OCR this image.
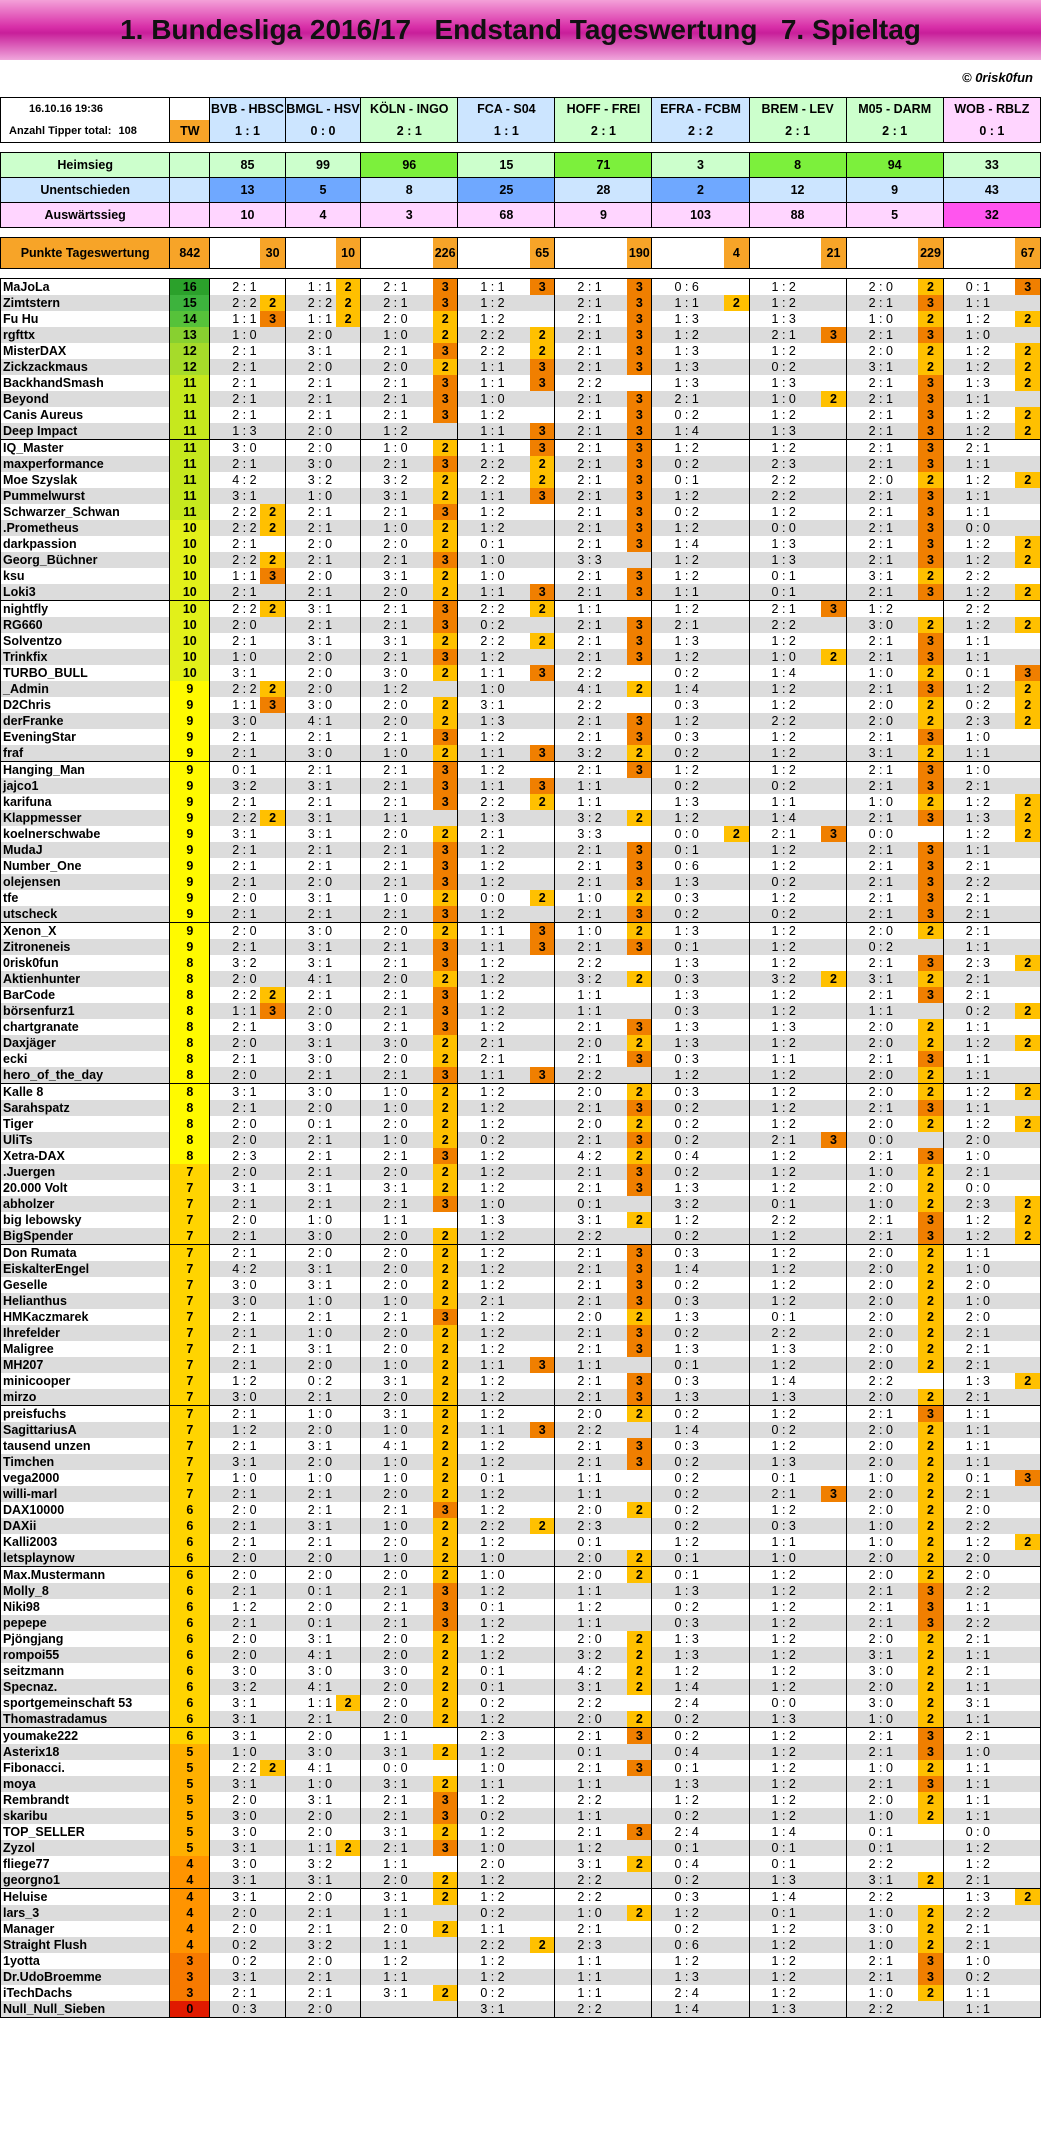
1. Bundesliga 2016/17   Endstand Tageswertung   7. Spieltag
© 0risk0fun
16.10.16 19:36		BVB - HBSC		BMGL - HSV		KÖLN - INGO		FCA - S04		HOFF - FREI		EFRA - FCBM		BREM - LEV		M05 - DARM		WOB - RBLZ	
Anzahl Tipper total: 108	TW	1 : 1		0 : 0		2 : 1		1 : 1		2 : 1		2 : 2		2 : 1		2 : 1		0 : 1	

Heimsieg		85		99		96		15		71		3		8		94		33	
Unentschieden		13		5		8		25		28		2		12		9		43	
Auswärtssieg		10		4		3		68		9		103		88		5		32	

Punkte Tageswertung	842		30		10		226		65		190		4		21		229		67

MaJoLa	16	2 : 1		1 : 1	2	2 : 1	3	1 : 1	3	2 : 1	3	0 : 6		1 : 2		2 : 0	2	0 : 1	3
Zimtstern	15	2 : 2	2	2 : 2	2	2 : 1	3	1 : 2		2 : 1	3	1 : 1	2	1 : 2		2 : 1	3	1 : 1	
Fu Hu	14	1 : 1	3	1 : 1	2	2 : 0	2	1 : 2		2 : 1	3	1 : 3		1 : 3		1 : 0	2	1 : 2	2
rgfttx	13	1 : 0		2 : 0		1 : 0	2	2 : 2	2	2 : 1	3	1 : 2		2 : 1	3	2 : 1	3	1 : 0	
MisterDAX	12	2 : 1		3 : 1		2 : 1	3	2 : 2	2	2 : 1	3	1 : 3		1 : 2		2 : 0	2	1 : 2	2
Zickzackmaus	12	2 : 1		2 : 0		2 : 0	2	1 : 1	3	2 : 1	3	1 : 3		0 : 2		3 : 1	2	1 : 2	2
BackhandSmash	11	2 : 1		2 : 1		2 : 1	3	1 : 1	3	2 : 2		1 : 3		1 : 3		2 : 1	3	1 : 3	2
Beyond	11	2 : 1		2 : 1		2 : 1	3	1 : 0		2 : 1	3	2 : 1		1 : 0	2	2 : 1	3	1 : 1	
Canis Aureus	11	2 : 1		2 : 1		2 : 1	3	1 : 2		2 : 1	3	0 : 2		1 : 2		2 : 1	3	1 : 2	2
Deep Impact	11	1 : 3		2 : 0		1 : 2		1 : 1	3	2 : 1	3	1 : 4		1 : 3		2 : 1	3	1 : 2	2
IQ_Master	11	3 : 0		2 : 0		1 : 0	2	1 : 1	3	2 : 1	3	1 : 2		1 : 2		2 : 1	3	2 : 1	
maxperformance	11	2 : 1		3 : 0		2 : 1	3	2 : 2	2	2 : 1	3	0 : 2		2 : 3		2 : 1	3	1 : 1	
Moe Szyslak	11	4 : 2		3 : 2		3 : 2	2	2 : 2	2	2 : 1	3	0 : 1		2 : 2		2 : 0	2	1 : 2	2
Pummelwurst	11	3 : 1		1 : 0		3 : 1	2	1 : 1	3	2 : 1	3	1 : 2		2 : 2		2 : 1	3	1 : 1	
Schwarzer_Schwan	11	2 : 2	2	2 : 1		2 : 1	3	1 : 2		2 : 1	3	0 : 2		1 : 2		2 : 1	3	1 : 1	
.Prometheus	10	2 : 2	2	2 : 1		1 : 0	2	1 : 2		2 : 1	3	1 : 2		0 : 0		2 : 1	3	0 : 0	
darkpassion	10	2 : 1		2 : 0		2 : 0	2	0 : 1		2 : 1	3	1 : 4		1 : 3		2 : 1	3	1 : 2	2
Georg_Büchner	10	2 : 2	2	2 : 1		2 : 1	3	1 : 0		3 : 3		1 : 2		1 : 3		2 : 1	3	1 : 2	2
ksu	10	1 : 1	3	2 : 0		3 : 1	2	1 : 0		2 : 1	3	1 : 2		0 : 1		3 : 1	2	2 : 2	
Loki3	10	2 : 1		2 : 1		2 : 0	2	1 : 1	3	2 : 1	3	1 : 1		0 : 1		2 : 1	3	1 : 2	2
nightfly	10	2 : 2	2	3 : 1		2 : 1	3	2 : 2	2	1 : 1		1 : 2		2 : 1	3	1 : 2		2 : 2	
RG660	10	2 : 0		2 : 1		2 : 1	3	0 : 2		2 : 1	3	2 : 1		2 : 2		3 : 0	2	1 : 2	2
Solventzo	10	2 : 1		3 : 1		3 : 1	2	2 : 2	2	2 : 1	3	1 : 3		1 : 2		2 : 1	3	1 : 1	
Trinkfix	10	1 : 0		2 : 0		2 : 1	3	1 : 2		2 : 1	3	1 : 2		1 : 0	2	2 : 1	3	1 : 1	
TURBO_BULL	10	3 : 1		2 : 0		3 : 0	2	1 : 1	3	2 : 2		0 : 2		1 : 4		1 : 0	2	0 : 1	3
_Admin	9	2 : 2	2	2 : 0		1 : 2		1 : 0		4 : 1	2	1 : 4		1 : 2		2 : 1	3	1 : 2	2
D2Chris	9	1 : 1	3	3 : 0		2 : 0	2	3 : 1		2 : 2		0 : 3		1 : 2		2 : 0	2	0 : 2	2
derFranke	9	3 : 0		4 : 1		2 : 0	2	1 : 3		2 : 1	3	1 : 2		2 : 2		2 : 0	2	2 : 3	2
EveningStar	9	2 : 1		2 : 1		2 : 1	3	1 : 2		2 : 1	3	0 : 3		1 : 2		2 : 1	3	1 : 0	
fraf	9	2 : 1		3 : 0		1 : 0	2	1 : 1	3	3 : 2	2	0 : 2		1 : 2		3 : 1	2	1 : 1	
Hanging_Man	9	0 : 1		2 : 1		2 : 1	3	1 : 2		2 : 1	3	1 : 2		1 : 2		2 : 1	3	1 : 0	
jajco1	9	3 : 2		3 : 1		2 : 1	3	1 : 1	3	1 : 1		0 : 2		0 : 2		2 : 1	3	2 : 1	
karifuna	9	2 : 1		2 : 1		2 : 1	3	2 : 2	2	1 : 1		1 : 3		1 : 1		1 : 0	2	1 : 2	2
Klappmesser	9	2 : 2	2	3 : 1		1 : 1		1 : 3		3 : 2	2	1 : 2		1 : 4		2 : 1	3	1 : 3	2
koelnerschwabe	9	3 : 1		3 : 1		2 : 0	2	2 : 1		3 : 3		0 : 0	2	2 : 1	3	0 : 0		1 : 2	2
MudaJ	9	2 : 1		2 : 1		2 : 1	3	1 : 2		2 : 1	3	0 : 1		1 : 2		2 : 1	3	1 : 1	
Number_One	9	2 : 1		2 : 1		2 : 1	3	1 : 2		2 : 1	3	0 : 6		1 : 2		2 : 1	3	2 : 1	
olejensen	9	2 : 1		2 : 0		2 : 1	3	1 : 2		2 : 1	3	1 : 3		0 : 2		2 : 1	3	2 : 2	
tfe	9	2 : 0		3 : 1		1 : 0	2	0 : 0	2	1 : 0	2	0 : 3		1 : 2		2 : 1	3	2 : 1	
utscheck	9	2 : 1		2 : 1		2 : 1	3	1 : 2		2 : 1	3	0 : 2		0 : 2		2 : 1	3	2 : 1	
Xenon_X	9	2 : 0		3 : 0		2 : 0	2	1 : 1	3	1 : 0	2	1 : 3		1 : 2		2 : 0	2	2 : 1	
Zitroneneis	9	2 : 1		3 : 1		2 : 1	3	1 : 1	3	2 : 1	3	0 : 1		1 : 2		0 : 2		1 : 1	
0risk0fun	8	3 : 2		3 : 1		2 : 1	3	1 : 2		2 : 2		1 : 3		1 : 2		2 : 1	3	2 : 3	2
Aktienhunter	8	2 : 0		4 : 1		2 : 0	2	1 : 2		3 : 2	2	0 : 3		3 : 2	2	3 : 1	2	2 : 1	
BarCode	8	2 : 2	2	2 : 1		2 : 1	3	1 : 2		1 : 1		1 : 3		1 : 2		2 : 1	3	2 : 1	
börsenfurz1	8	1 : 1	3	2 : 0		2 : 1	3	1 : 2		1 : 1		0 : 3		1 : 2		1 : 1		0 : 2	2
chartgranate	8	2 : 1		3 : 0		2 : 1	3	1 : 2		2 : 1	3	1 : 3		1 : 3		2 : 0	2	1 : 1	
Daxjäger	8	2 : 0		3 : 1		3 : 0	2	2 : 1		2 : 0	2	1 : 3		1 : 2		2 : 0	2	1 : 2	2
ecki	8	2 : 1		3 : 0		2 : 0	2	2 : 1		2 : 1	3	0 : 3		1 : 1		2 : 1	3	1 : 1	
hero_of_the_day	8	2 : 0		2 : 1		2 : 1	3	1 : 1	3	2 : 2		1 : 2		1 : 2		2 : 0	2	1 : 1	
Kalle 8	8	3 : 1		3 : 0		1 : 0	2	1 : 2		2 : 0	2	0 : 3		1 : 2		2 : 0	2	1 : 2	2
Sarahspatz	8	2 : 1		2 : 0		1 : 0	2	1 : 2		2 : 1	3	0 : 2		1 : 2		2 : 1	3	1 : 1	
Tiger	8	2 : 0		0 : 1		2 : 0	2	1 : 2		2 : 0	2	0 : 2		1 : 2		2 : 0	2	1 : 2	2
UliTs	8	2 : 0		2 : 1		1 : 0	2	0 : 2		2 : 1	3	0 : 2		2 : 1	3	0 : 0		2 : 0	
Xetra-DAX	8	2 : 3		2 : 1		2 : 1	3	1 : 2		4 : 2	2	0 : 4		1 : 2		2 : 1	3	1 : 0	
.Juergen	7	2 : 0		2 : 1		2 : 0	2	1 : 2		2 : 1	3	0 : 2		1 : 2		1 : 0	2	2 : 1	
20.000 Volt	7	3 : 1		3 : 1		3 : 1	2	1 : 2		2 : 1	3	1 : 3		1 : 2		2 : 0	2	0 : 0	
abholzer	7	2 : 1		2 : 1		2 : 1	3	1 : 0		0 : 1		3 : 2		0 : 1		1 : 0	2	2 : 3	2
big lebowsky	7	2 : 0		1 : 0		1 : 1		1 : 3		3 : 1	2	1 : 2		2 : 2		2 : 1	3	1 : 2	2
BigSpender	7	2 : 1		3 : 0		2 : 0	2	1 : 2		2 : 2		0 : 2		1 : 2		2 : 1	3	1 : 2	2
Don Rumata	7	2 : 1		2 : 0		2 : 0	2	1 : 2		2 : 1	3	0 : 3		1 : 2		2 : 0	2	1 : 1	
EiskalterEngel	7	4 : 2		3 : 1		2 : 0	2	1 : 2		2 : 1	3	1 : 4		1 : 2		2 : 0	2	1 : 0	
Geselle	7	3 : 0		3 : 1		2 : 0	2	1 : 2		2 : 1	3	0 : 2		1 : 2		2 : 0	2	2 : 0	
Helianthus	7	3 : 0		1 : 0		1 : 0	2	2 : 1		2 : 1	3	0 : 3		1 : 2		2 : 0	2	1 : 0	
HMKaczmarek	7	2 : 1		2 : 1		2 : 1	3	1 : 2		2 : 0	2	1 : 3		0 : 1		2 : 0	2	2 : 0	
Ihrefelder	7	2 : 1		1 : 0		2 : 0	2	1 : 2		2 : 1	3	0 : 2		2 : 2		2 : 0	2	2 : 1	
Maligree	7	2 : 1		3 : 1		2 : 0	2	1 : 2		2 : 1	3	1 : 3		1 : 3		2 : 0	2	2 : 1	
MH207	7	2 : 1		2 : 0		1 : 0	2	1 : 1	3	1 : 1		0 : 1		1 : 2		2 : 0	2	2 : 1	
minicooper	7	1 : 2		0 : 2		3 : 1	2	1 : 2		2 : 1	3	0 : 3		1 : 4		2 : 2		1 : 3	2
mirzo	7	3 : 0		2 : 1		2 : 0	2	1 : 2		2 : 1	3	1 : 3		1 : 3		2 : 0	2	2 : 1	
preisfuchs	7	2 : 1		1 : 0		3 : 1	2	1 : 2		2 : 0	2	0 : 2		1 : 2		2 : 1	3	1 : 1	
SagittariusA	7	1 : 2		2 : 0		1 : 0	2	1 : 1	3	2 : 2		1 : 4		0 : 2		2 : 0	2	1 : 1	
tausend unzen	7	2 : 1		3 : 1		4 : 1	2	1 : 2		2 : 1	3	0 : 3		1 : 2		2 : 0	2	1 : 1	
Timchen	7	3 : 1		2 : 0		1 : 0	2	1 : 2		2 : 1	3	0 : 2		1 : 3		2 : 0	2	1 : 1	
vega2000	7	1 : 0		1 : 0		1 : 0	2	0 : 1		1 : 1		0 : 2		0 : 1		1 : 0	2	0 : 1	3
willi-marl	7	2 : 1		2 : 1		2 : 0	2	1 : 2		1 : 1		0 : 2		2 : 1	3	2 : 0	2	2 : 1	
DAX10000	6	2 : 0		2 : 1		2 : 1	3	1 : 2		2 : 0	2	0 : 2		1 : 2		2 : 0	2	2 : 0	
DAXii	6	2 : 1		3 : 1		1 : 0	2	2 : 2	2	2 : 3		0 : 2		0 : 3		1 : 0	2	2 : 2	
Kalli2003	6	2 : 1		2 : 1		2 : 0	2	1 : 2		0 : 1		1 : 2		1 : 1		1 : 0	2	1 : 2	2
letsplaynow	6	2 : 0		2 : 0		1 : 0	2	1 : 0		2 : 0	2	0 : 1		1 : 0		2 : 0	2	2 : 0	
Max.Mustermann	6	2 : 0		2 : 0		2 : 0	2	1 : 0		2 : 0	2	0 : 1		1 : 2		2 : 0	2	2 : 0	
Molly_8	6	2 : 1		0 : 1		2 : 1	3	1 : 2		1 : 1		1 : 3		1 : 2		2 : 1	3	2 : 2	
Niki98	6	1 : 2		2 : 0		2 : 1	3	0 : 1		1 : 2		0 : 2		1 : 2		2 : 1	3	1 : 1	
pepepe	6	2 : 1		0 : 1		2 : 1	3	1 : 2		1 : 1		0 : 3		1 : 2		2 : 1	3	2 : 2	
Pjöngjang	6	2 : 0		3 : 1		2 : 0	2	1 : 2		2 : 0	2	1 : 3		1 : 2		2 : 0	2	2 : 1	
rompoi55	6	2 : 0		4 : 1		2 : 0	2	1 : 2		3 : 2	2	1 : 3		1 : 2		3 : 1	2	1 : 1	
seitzmann	6	3 : 0		3 : 0		3 : 0	2	0 : 1		4 : 2	2	1 : 2		1 : 2		3 : 0	2	2 : 1	
Specnaz.	6	3 : 2		4 : 1		2 : 0	2	0 : 1		3 : 1	2	1 : 4		1 : 2		2 : 0	2	1 : 1	
sportgemeinschaft 53	6	3 : 1		1 : 1	2	2 : 0	2	0 : 2		2 : 2		2 : 4		0 : 0		3 : 0	2	3 : 1	
Thomastradamus	6	3 : 1		2 : 1		2 : 0	2	1 : 2		2 : 0	2	0 : 2		1 : 3		1 : 0	2	1 : 1	
youmake222	6	3 : 1		2 : 0		1 : 1		2 : 3		2 : 1	3	0 : 2		1 : 2		2 : 1	3	2 : 1	
Asterix18	5	1 : 0		3 : 0		3 : 1	2	1 : 2		0 : 1		0 : 4		1 : 2		2 : 1	3	1 : 0	
Fibonacci.	5	2 : 2	2	4 : 1		0 : 0		1 : 0		2 : 1	3	0 : 1		1 : 2		1 : 0	2	1 : 1	
moya	5	3 : 1		1 : 0		3 : 1	2	1 : 1		1 : 1		1 : 3		1 : 2		2 : 1	3	1 : 1	
Rembrandt	5	2 : 0		3 : 1		2 : 1	3	1 : 2		2 : 2		1 : 2		1 : 2		2 : 0	2	1 : 1	
skaribu	5	3 : 0		2 : 0		2 : 1	3	0 : 2		1 : 1		0 : 2		1 : 2		1 : 0	2	1 : 1	
TOP_SELLER	5	3 : 0		2 : 0		3 : 1	2	1 : 2		2 : 1	3	2 : 4		1 : 4		0 : 1		0 : 0	
Zyzol	5	3 : 1		1 : 1	2	2 : 1	3	1 : 0		1 : 2		0 : 1		0 : 1		0 : 1		1 : 2	
fliege77	4	3 : 0		3 : 2		1 : 1		2 : 0		3 : 1	2	0 : 4		0 : 1		2 : 2		1 : 2	
georgno1	4	3 : 1		3 : 1		2 : 0	2	1 : 2		2 : 2		0 : 2		1 : 3		3 : 1	2	2 : 1	
Heluise	4	3 : 1		2 : 0		3 : 1	2	1 : 2		2 : 2		0 : 3		1 : 4		2 : 2		1 : 3	2
lars_3	4	2 : 0		2 : 1		1 : 1		0 : 2		1 : 0	2	1 : 2		0 : 1		1 : 0	2	2 : 2	
Manager	4	2 : 0		2 : 1		2 : 0	2	1 : 1		2 : 1		0 : 2		1 : 2		3 : 0	2	2 : 1	
Straight Flush	4	0 : 2		3 : 2		1 : 1		2 : 2	2	2 : 3		0 : 6		1 : 2		1 : 0	2	2 : 1	
1yotta	3	0 : 2		2 : 0		1 : 2		1 : 2		1 : 1		1 : 2		1 : 2		2 : 1	3	1 : 0	
Dr.UdoBroemme	3	3 : 1		2 : 1		1 : 1		1 : 2		1 : 1		1 : 3		1 : 2		2 : 1	3	0 : 2	
iTechDachs	3	2 : 1		2 : 1		3 : 1	2	0 : 2		1 : 1		2 : 4		1 : 2		1 : 0	2	1 : 1	
Null_Null_Sieben	0	0 : 3		2 : 0				3 : 1		2 : 2		1 : 4		1 : 3		2 : 2		1 : 1	
